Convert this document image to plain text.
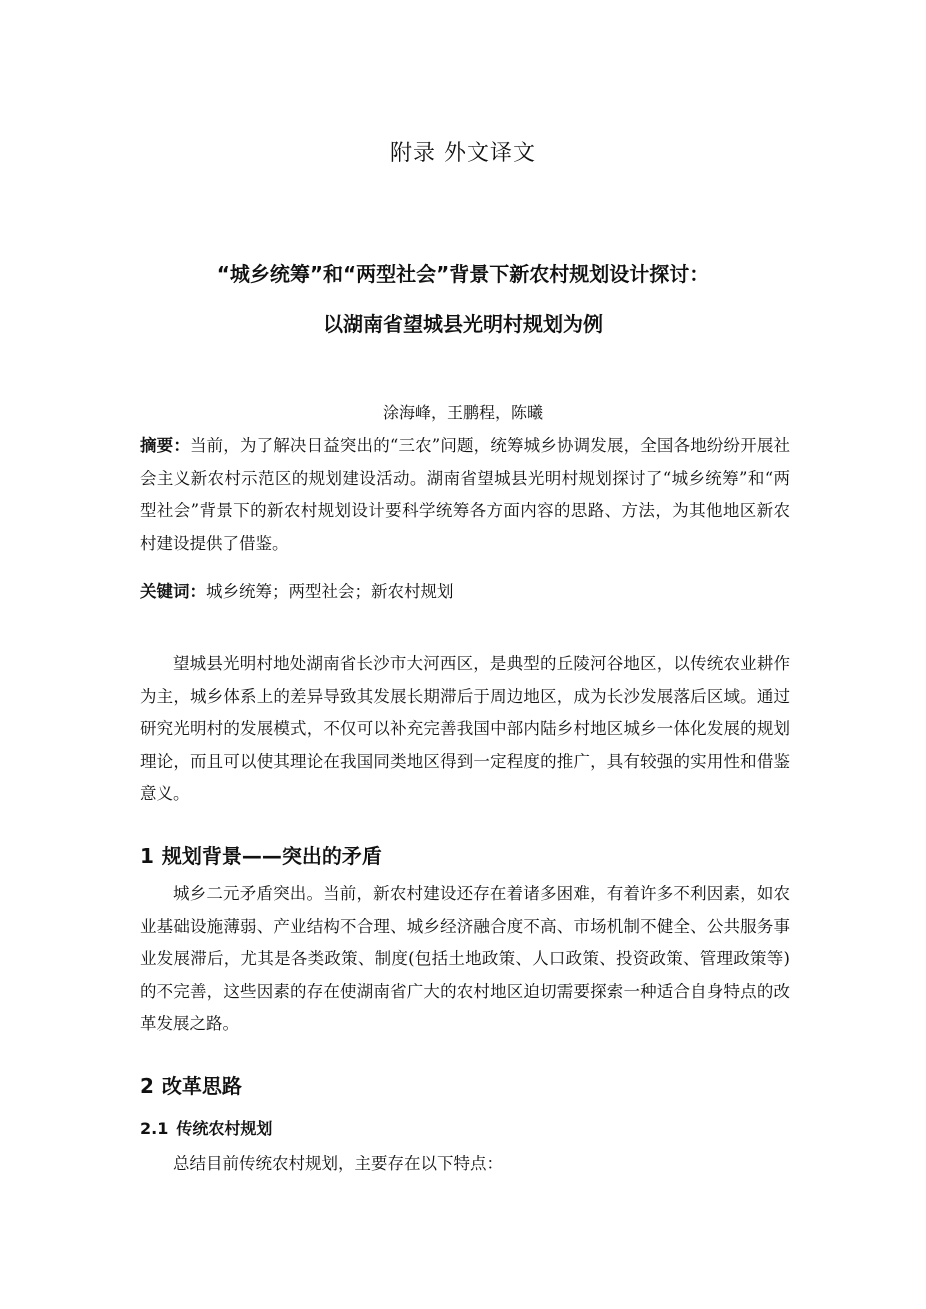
附录 外文译文
“城乡统筹”和“两型社会”背景下新农村规划设计探讨：
以湖南省望城县光明村规划为例
涂海峰，王鹏程，陈曦

摘要：当前，为了解决日益突出的“三农”问题，统筹城乡协调发展，全国各地纷纷开展社会主义新农村示范区的规划建设活动。湖南省望城县光明村规划探讨了“城乡统筹”和“两型社会”背景下的新农村规划设计要科学统筹各方面内容的思路、方法，为其他地区新农村建设提供了借鉴。

关键词：城乡统筹；两型社会；新农村规划

望城县光明村地处湖南省长沙市大河西区，是典型的丘陵河谷地区，以传统农业耕作为主，城乡体系上的差异导致其发展长期滞后于周边地区，成为长沙发展落后区域。通过研究光明村的发展模式，不仅可以补充完善我国中部内陆乡村地区城乡一体化发展的规划理论，而且可以使其理论在我国同类地区得到一定程度的推广，具有较强的实用性和借鉴意义。

1 规划背景——突出的矛盾

城乡二元矛盾突出。当前，新农村建设还存在着诸多困难，有着许多不利因素，如农业基础设施薄弱、产业结构不合理、城乡经济融合度不高、市场机制不健全、公共服务事业发展滞后，尤其是各类政策、制度(包括土地政策、人口政策、投资政策、管理政策等)的不完善，这些因素的存在使湖南省广大的农村地区迫切需要探索一种适合自身特点的改革发展之路。

2 改革思路
2.1 传统农村规划

总结目前传统农村规划，主要存在以下特点：
